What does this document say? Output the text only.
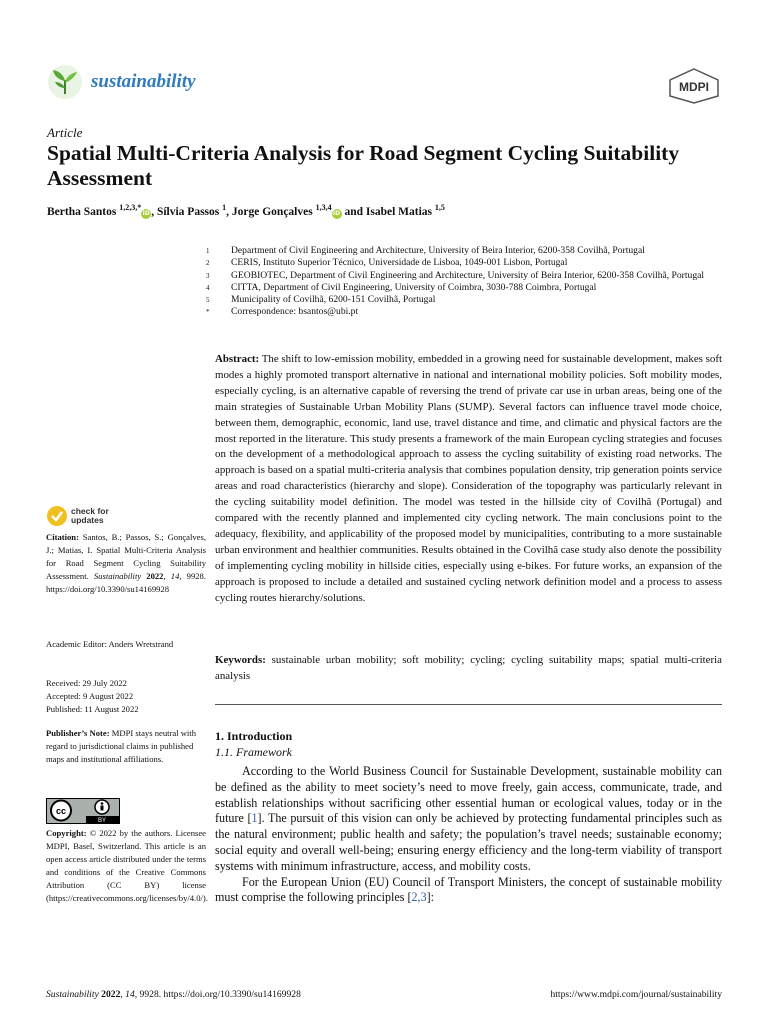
sustainability	MDPI
Article
Spatial Multi-Criteria Analysis for Road Segment Cycling Suitability Assessment
Bertha Santos $^{1,2,3,*}$iD, Sílvia Passos $^1$, Jorge Gonçalves $^{1,3,4}$iD and Isabel Matias $^{1,5}$
1	Department of Civil Engineering and Architecture, University of Beira Interior, 6200-358 Covilhã, Portugal
2	CERIS, Instituto Superior Técnico, Universidade de Lisboa, 1049-001 Lisbon, Portugal
3	GEOBIOTEC, Department of Civil Engineering and Architecture, University of Beira Interior, 6200-358 Covilhã, Portugal
4	CITTA, Department of Civil Engineering, University of Coimbra, 3030-788 Coimbra, Portugal
5	Municipality of Covilhã, 6200-151 Covilhã, Portugal
*	Correspondence: bsantos@ubi.pt
Abstract: The shift to low-emission mobility, embedded in a growing need for sustainable development, makes soft modes a highly promoted transport alternative in national and international mobility policies. Soft mobility modes, especially cycling, is an alternative capable of reversing the trend of private car use in urban areas, being one of the main strategies of Sustainable Urban Mobility Plans (SUMP). Several factors can influence travel mode choice, between them, demographic, economic, land use, travel distance and time, and climatic and physical factors are the most reported in the literature. This study presents a framework of the main European cycling strategies and focuses on the development of a methodological approach to assess the cycling suitability of existing road networks. The approach is based on a spatial multi-criteria analysis that combines population density, trip generation points service areas and road characteristics (hierarchy and slope). Consideration of the topography was particularly relevant in the cycling suitability model definition. The model was tested in the hillside city of Covilhã (Portugal) and compared with the recently planned and implemented city cycling network. The main conclusions point to the adequacy, flexibility, and applicability of the proposed model by municipalities, contributing to a more sustainable urban environment and healthier communities. Results obtained in the Covilhã case study also denote the possibility of implementing cycling mobility in hillside cities, especially using e-bikes. For future works, an expansion of the approach is proposed to include a detailed and sustained cycling network definition model and a process to assess cycling routes hierarchy/solutions.
Keywords: sustainable urban mobility; soft mobility; cycling; cycling suitability maps; spatial multi-criteria analysis
check for
updates
Citation: Santos, B.; Passos, S.; Gonçalves, J.; Matias, I. Spatial Multi-Criteria Analysis for Road Segment Cycling Suitability Assessment. Sustainability 2022, 14, 9928. https://doi.org/10.3390/su14169928
Academic Editor: Anders Wretstrand
Received: 29 July 2022
Accepted: 9 August 2022
Published: 11 August 2022
Publisher’s Note: MDPI stays neutral with regard to jurisdictional claims in published maps and institutional affiliations.
cc
BY
Copyright: © 2022 by the authors. Licensee MDPI, Basel, Switzerland. This article is an open access article distributed under the terms and conditions of the Creative Commons Attribution (CC BY) license (https://creativecommons.org/licenses/by/4.0/).
1. Introduction
1.1. Framework

According to the World Business Council for Sustainable Development, sustainable mobility can be defined as the ability to meet society’s need to move freely, gain access, communicate, trade, and establish relationships without sacrificing other essential human or ecological values, today or in the future [1]. The pursuit of this vision can only be achieved by protecting fundamental principles such as the natural environment; public health and safety; the population’s travel needs; sustainable economy; social equity and overall well-being; ensuring energy efficiency and the long-term viability of transport systems with minimum infrastructure, access, and mobility costs.

For the European Union (EU) Council of Transport Ministers, the concept of sustainable mobility must comprise the following principles [2,3]:

Sustainability 2022, 14, 9928. https://doi.org/10.3390/su14169928	https://www.mdpi.com/journal/sustainability
